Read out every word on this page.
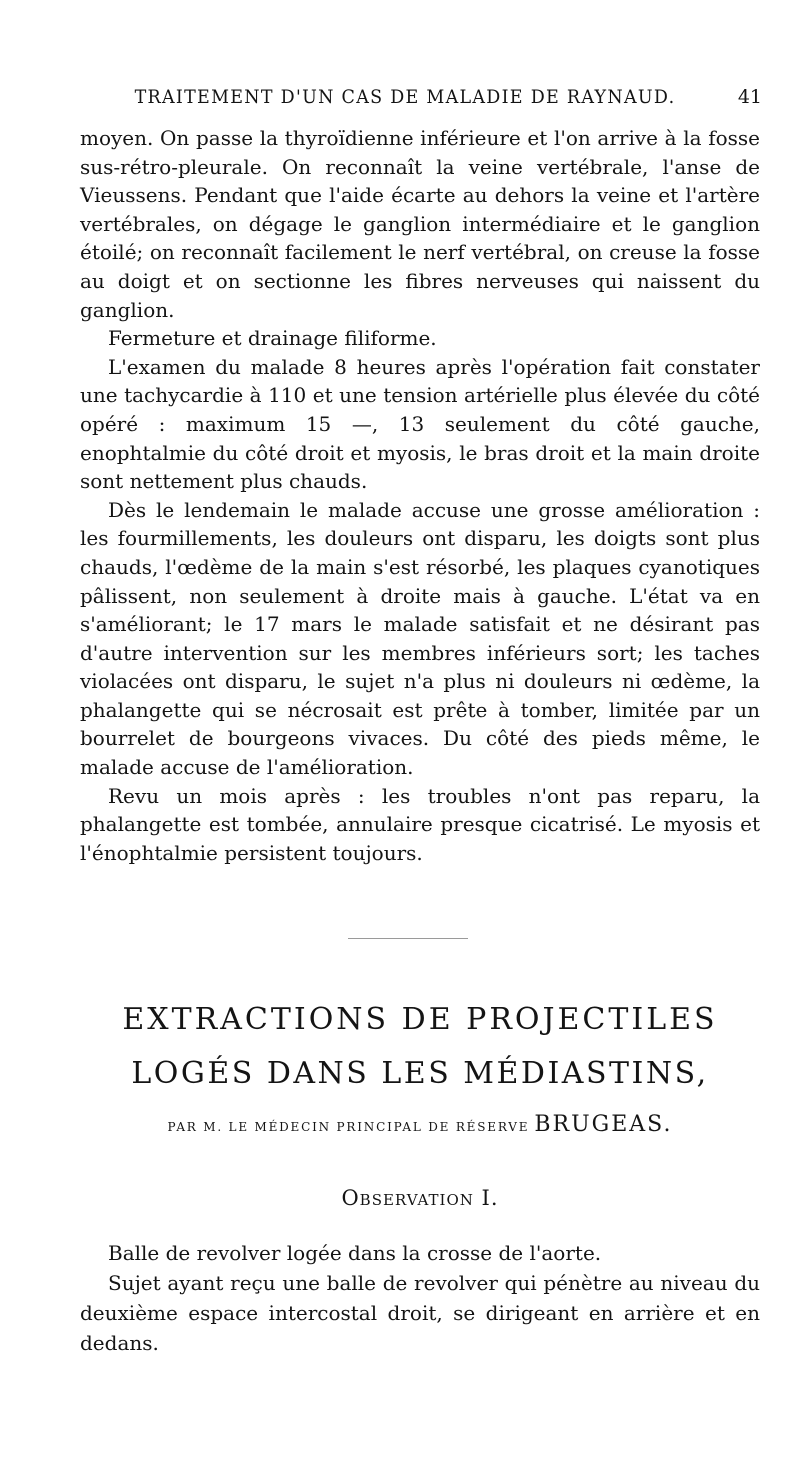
TRAITEMENT D'UN CAS DE MALADIE DE RAYNAUD.	41

moyen. On passe la thyroïdienne inférieure et l'on arrive à la fosse sus-rétro-pleurale. On reconnaît la veine vertébrale, l'anse de Vieussens. Pendant que l'aide écarte au dehors la veine et l'artère vertébrales, on dégage le ganglion intermédiaire et le ganglion étoilé; on reconnaît facilement le nerf vertébral, on creuse la fosse au doigt et on sectionne les fibres nerveuses qui naissent du ganglion.

Fermeture et drainage filiforme.

L'examen du malade 8 heures après l'opération fait constater une tachycardie à 110 et une tension artérielle plus élevée du côté opéré : maximum 15 —, 13 seulement du côté gauche, enophtalmie du côté droit et myosis, le bras droit et la main droite sont nettement plus chauds.

Dès le lendemain le malade accuse une grosse amélioration : les fourmillements, les douleurs ont disparu, les doigts sont plus chauds, l'œdème de la main s'est résorbé, les plaques cyanotiques pâlissent, non seulement à droite mais à gauche. L'état va en s'améliorant; le 17 mars le malade satisfait et ne désirant pas d'autre intervention sur les membres inférieurs sort; les taches violacées ont disparu, le sujet n'a plus ni douleurs ni œdème, la phalangette qui se nécrosait est prête à tomber, limitée par un bourrelet de bourgeons vivaces. Du côté des pieds même, le malade accuse de l'amélioration.

Revu un mois après : les troubles n'ont pas reparu, la phalangette est tombée, annulaire presque cicatrisé. Le myosis et l'énophtalmie persistent toujours.

EXTRACTIONS DE PROJECTILES
LOGÉS DANS LES MÉDIASTINS,
PAR M. LE MÉDECIN PRINCIPAL DE RÉSERVE BRUGEAS.
Observation I.

Balle de revolver logée dans la crosse de l'aorte.

Sujet ayant reçu une balle de revolver qui pénètre au niveau du deuxième espace intercostal droit, se dirigeant en arrière et en dedans.
